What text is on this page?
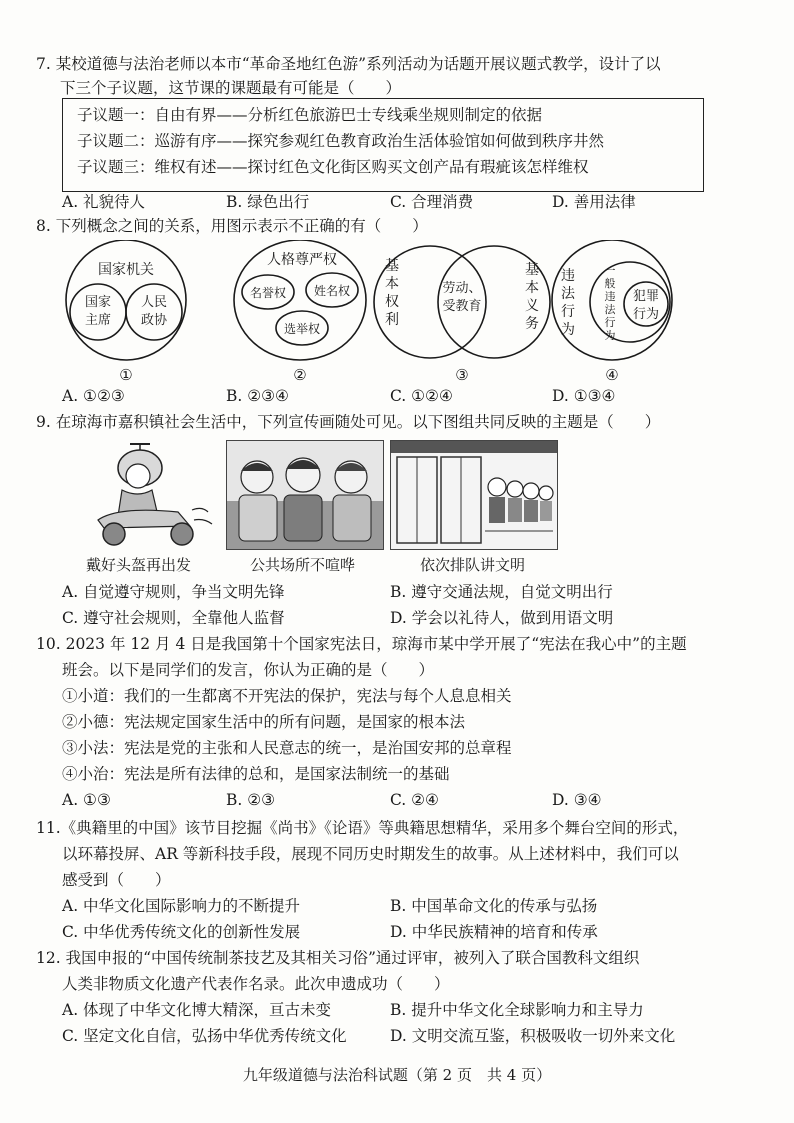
7. 某校道德与法治老师以本市“革命圣地红色游”系列活动为话题开展议题式教学，设计了以
下三个子议题，这节课的课题最有可能是（　　）
子议题一：自由有界——分析红色旅游巴士专线乘坐规则制定的依据
子议题二：巡游有序——探究参观红色教育政治生活体验馆如何做到秩序井然
子议题三：维权有述——探讨红色文化街区购买文创产品有瑕疵该怎样维权
A. 礼貌待人	B. 绿色出行	C. 合理消费	D. 善用法律
8. 下列概念之间的关系，用图示表示不正确的有（　　）
国家机关
国家
主席
人民
政协
①
人格尊严权
名誉权 姓名权
选举权
②
基
本
权
利
劳动、
受教育
基
本
义
务
③
违
法
行
为
一
般
违
法
行
为
犯罪
行为
④
A. ①②③	B. ②③④	C. ①②④	D. ①③④
9. 在琼海市嘉积镇社会生活中，下列宣传画随处可见。以下图组共同反映的主题是（　　）
戴好头盔再出发	公共场所不喧哗	依次排队讲文明
A. 自觉遵守规则，争当文明先锋	B. 遵守交通法规，自觉文明出行
C. 遵守社会规则，全靠他人监督	D. 学会以礼待人，做到用语文明
10. 2023 年 12 月 4 日是我国第十个国家宪法日，琼海市某中学开展了“宪法在我心中”的主题
班会。以下是同学们的发言，你认为正确的是（　　）
①小道：我们的一生都离不开宪法的保护，宪法与每个人息息相关
②小德：宪法规定国家生活中的所有问题，是国家的根本法
③小法：宪法是党的主张和人民意志的统一，是治国安邦的总章程
④小治：宪法是所有法律的总和，是国家法制统一的基础
A. ①③	B. ②③	C. ②④	D. ③④
11.《典籍里的中国》该节目挖掘《尚书》《论语》等典籍思想精华，采用多个舞台空间的形式，
以环幕投屏、AR 等新科技手段，展现不同历史时期发生的故事。从上述材料中，我们可以
感受到（　　）
A. 中华文化国际影响力的不断提升	B. 中国革命文化的传承与弘扬
C. 中华优秀传统文化的创新性发展	D. 中华民族精神的培育和传承
12. 我国申报的“中国传统制茶技艺及其相关习俗”通过评审，被列入了联合国教科文组织
人类非物质文化遗产代表作名录。此次申遗成功（　　）
A. 体现了中华文化博大精深，亘古未变	B. 提升中华文化全球影响力和主导力
C. 坚定文化自信，弘扬中华优秀传统文化	D. 文明交流互鉴，积极吸收一切外来文化
九年级道德与法治科试题（第 2 页　共 4 页）
